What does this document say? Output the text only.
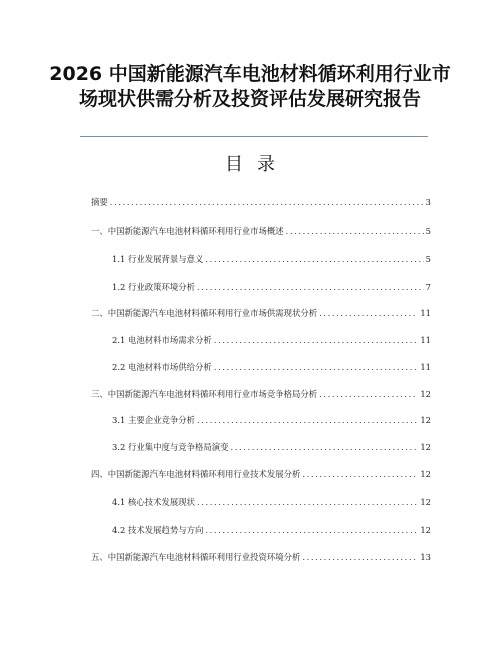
2026 中国新能源汽车电池材料循环利用行业市场现状供需分析及投资评估发展研究报告
目录
摘要 .....	3
一、中国新能源汽车电池材料循环利用行业市场概述 .....	5
1.1 行业发展背景与意义 .....	5
1.2 行业政策环境分析 .....	7
二、中国新能源汽车电池材料循环利用行业市场供需现状分析 .....	11
2.1 电池材料市场需求分析 .....	11
2.2 电池材料市场供给分析 .....	11
三、中国新能源汽车电池材料循环利用行业市场竞争格局分析 .....	12
3.1 主要企业竞争分析 .....	12
3.2 行业集中度与竞争格局演变 .....	12
四、中国新能源汽车电池材料循环利用行业技术发展分析 .....	12
4.1 核心技术发展现状 .....	12
4.2 技术发展趋势与方向 .....	12
五、中国新能源汽车电池材料循环利用行业投资环境分析 .....	13
